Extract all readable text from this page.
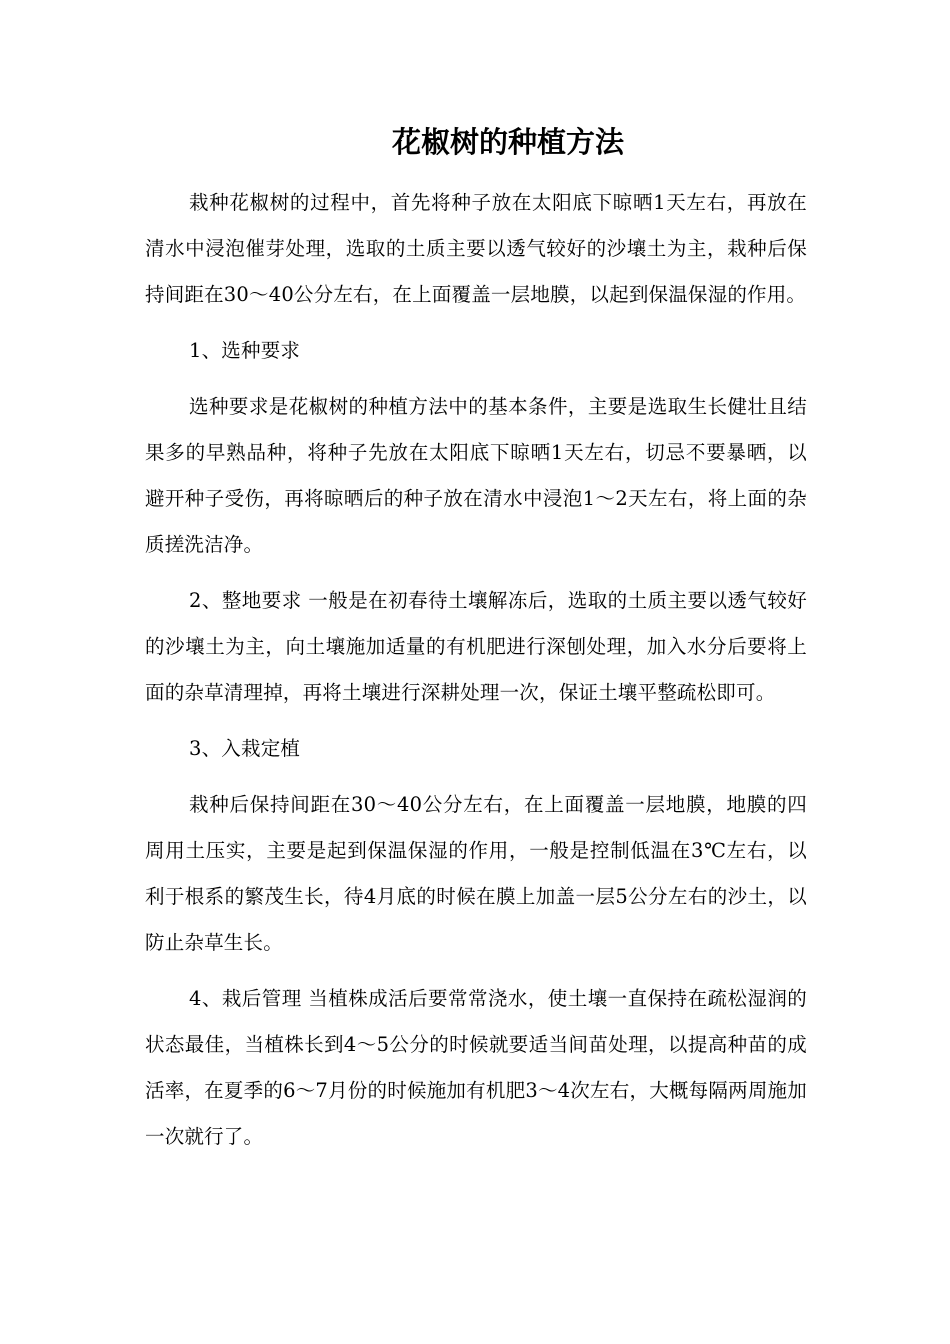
花椒树的种植方法

栽种花椒树的过程中，首先将种子放在太阳底下晾晒1天左右，再放在清水中浸泡催芽处理，选取的土质主要以透气较好的沙壤土为主，栽种后保持间距在30～40公分左右，在上面覆盖一层地膜，以起到保温保湿的作用。

1、选种要求

选种要求是花椒树的种植方法中的基本条件，主要是选取生长健壮且结果多的早熟品种，将种子先放在太阳底下晾晒1天左右，切忌不要暴晒，以避开种子受伤，再将晾晒后的种子放在清水中浸泡1～2天左右，将上面的杂质搓洗洁净。

2、整地要求 一般是在初春待土壤解冻后，选取的土质主要以透气较好的沙壤土为主，向土壤施加适量的有机肥进行深刨处理，加入水分后要将上面的杂草清理掉，再将土壤进行深耕处理一次，保证土壤平整疏松即可。

3、入栽定植

栽种后保持间距在30～40公分左右，在上面覆盖一层地膜，地膜的四周用土压实，主要是起到保温保湿的作用，一般是控制低温在3℃左右，以利于根系的繁茂生长，待4月底的时候在膜上加盖一层5公分左右的沙土，以防止杂草生长。

4、栽后管理 当植株成活后要常常浇水，使土壤一直保持在疏松湿润的状态最佳，当植株长到4～5公分的时候就要适当间苗处理，以提高种苗的成活率，在夏季的6～7月份的时候施加有机肥3～4次左右，大概每隔两周施加一次就行了。
